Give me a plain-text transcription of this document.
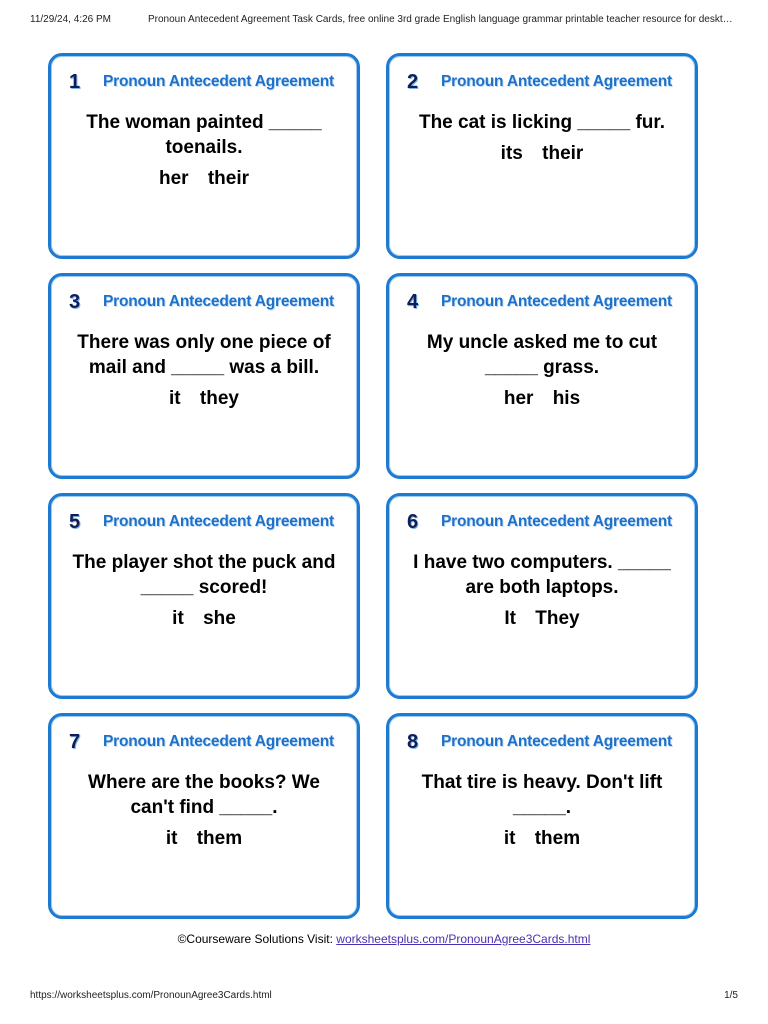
11/29/24, 4:26 PM	Pronoun Antecedent Agreement Task Cards, free online 3rd grade English language grammar printable teacher resource for deskt…
1	Pronoun Antecedent Agreement

The woman painted _____ toenails.

her their
2	Pronoun Antecedent Agreement

The cat is licking _____ fur.

its their
3	Pronoun Antecedent Agreement

There was only one piece of mail and _____ was a bill.

it they
4	Pronoun Antecedent Agreement

My uncle asked me to cut _____ grass.

her his
5	Pronoun Antecedent Agreement

The player shot the puck and _____ scored!

it she
6	Pronoun Antecedent Agreement

I have two computers. _____ are both laptops.

It They
7	Pronoun Antecedent Agreement

Where are the books? We can't find _____.

it them
8	Pronoun Antecedent Agreement

That tire is heavy. Don't lift _____.

it them
©Courseware Solutions Visit: worksheetsplus.com/PronounAgree3Cards.html
https://worksheetsplus.com/PronounAgree3Cards.html	1/5
